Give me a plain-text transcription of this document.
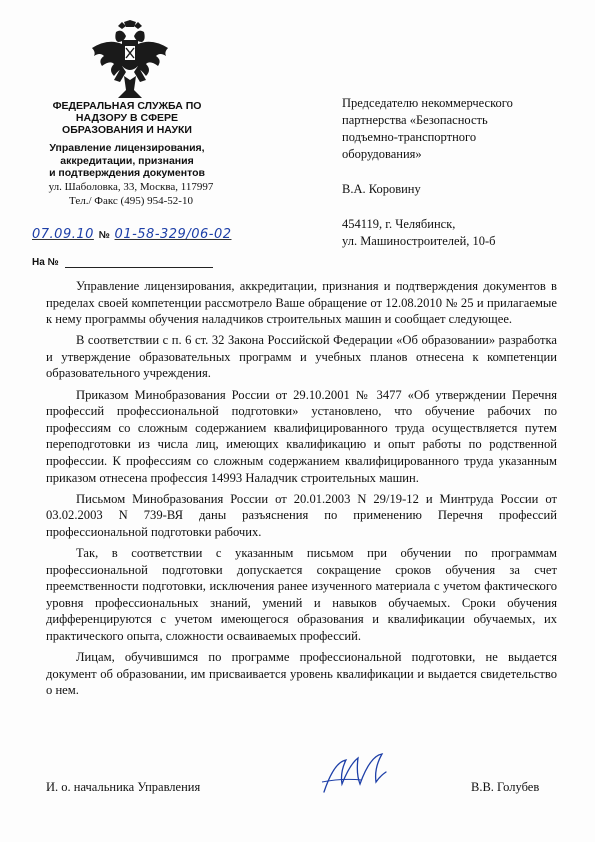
ФЕДЕРАЛЬНАЯ СЛУЖБА ПО
НАДЗОРУ В СФЕРЕ
ОБРАЗОВАНИЯ И НАУКИ
Управление лицензирования,
аккредитации, признания
и подтверждения документов
ул. Шаболовка, 33, Москва, 117997
Тел./ Факс (495) 954-52-10
07.09.10 № 01-58-329/06-02
На №
Председателю некоммерческого
партнерства «Безопасность
подъемно-транспортного
оборудования»
В.А. Коровину
454119, г. Челябинск,
ул. Машиностроителей, 10-б

Управление лицензирования, аккредитации, признания и подтверждения документов в пределах своей компетенции рассмотрело Ваше обращение от 12.08.2010 № 25 и прилагаемые к нему программы обучения наладчиков строительных машин и сообщает следующее.

В соответствии с п. 6 ст. 32 Закона Российской Федерации «Об образовании» разработка и утверждение образовательных программ и учебных планов отнесена к компетенции образовательного учреждения.

Приказом Минобразования России от 29.10.2001 № 3477 «Об утверждении Перечня профессий профессиональной подготовки» установлено, что обучение рабочих по профессиям со сложным содержанием квалифицированного труда осуществляется путем переподготовки из числа лиц, имеющих квалификацию и опыт работы по родственной профессии. К профессиям со сложным содержанием квалифицированного труда указанным приказом отнесена профессия 14993 Наладчик строительных машин.

Письмом Минобразования России от 20.01.2003 N 29/19-12 и Минтруда России от 03.02.2003 N 739-ВЯ даны разъяснения по применению Перечня профессий профессиональной подготовки рабочих.

Так, в соответствии с указанным письмом при обучении по программам профессиональной подготовки допускается сокращение сроков обучения за счет преемственности подготовки, исключения ранее изученного материала с учетом фактического уровня профессиональных знаний, умений и навыков обучаемых. Сроки обучения дифференцируются с учетом имеющегося образования и квалификации обучаемых, их практического опыта, сложности осваиваемых профессий.

Лицам, обучившимся по программе профессиональной подготовки, не выдается документ об образовании, им присваивается уровень квалификации и выдается свидетельство о нем.

И. о. начальника Управления	В.В. Голубев
